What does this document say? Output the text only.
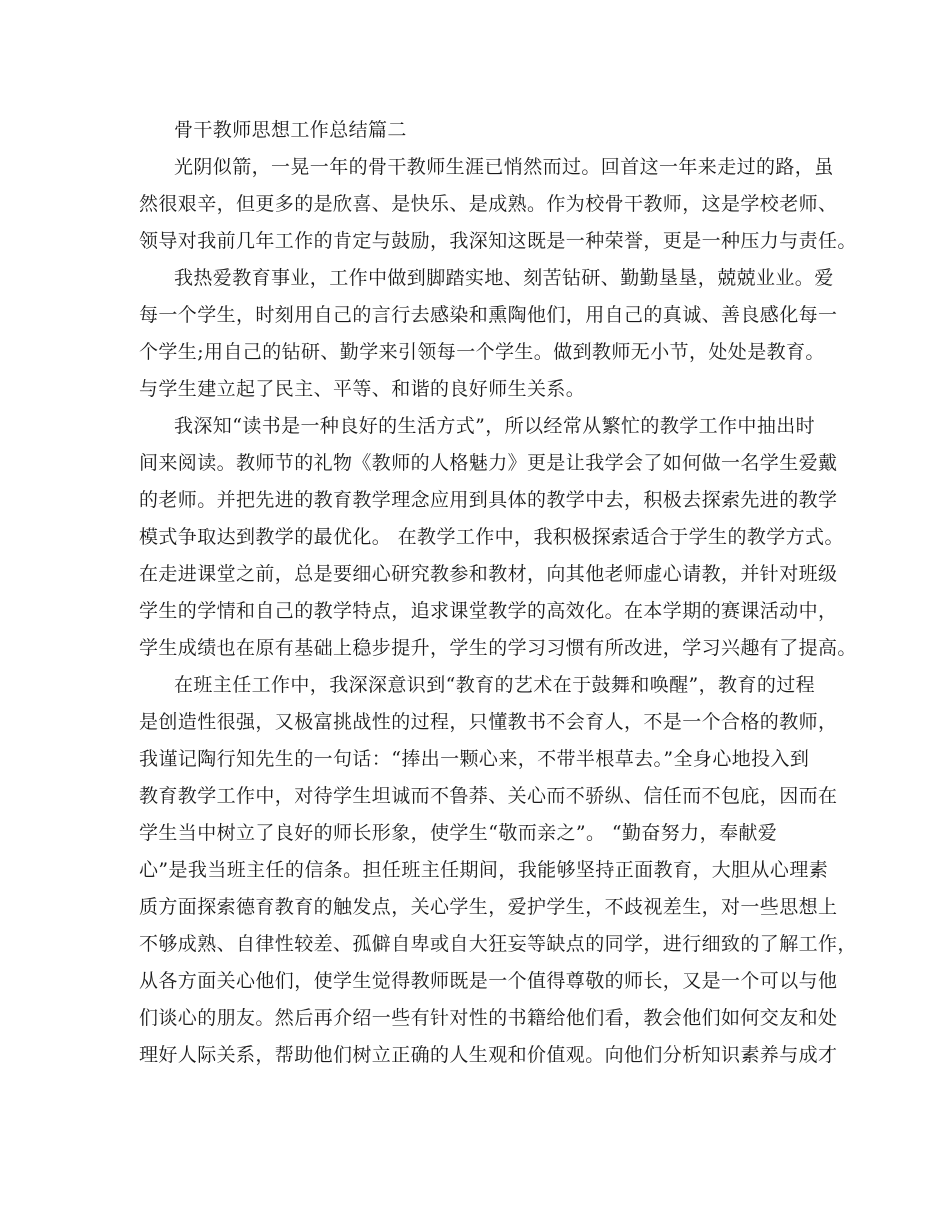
骨干教师思想工作总结篇二
光阴似箭，一晃一年的骨干教师生涯已悄然而过。回首这一年来走过的路，虽
然很艰辛，但更多的是欣喜、是快乐、是成熟。作为校骨干教师，这是学校老师、
领导对我前几年工作的肯定与鼓励，我深知这既是一种荣誉，更是一种压力与责任。
我热爱教育事业，工作中做到脚踏实地、刻苦钻研、勤勤垦垦，兢兢业业。爱
每一个学生，时刻用自己的言行去感染和熏陶他们，用自己的真诚、善良感化每一
个学生;用自己的钻研、勤学来引领每一个学生。做到教师无小节，处处是教育。
与学生建立起了民主、平等、和谐的良好师生关系。
我深知“读书是一种良好的生活方式”，所以经常从繁忙的教学工作中抽出时
间来阅读。教师节的礼物《教师的人格魅力》更是让我学会了如何做一名学生爱戴
的老师。并把先进的教育教学理念应用到具体的教学中去，积极去探索先进的教学
模式争取达到教学的最优化。 在教学工作中，我积极探索适合于学生的教学方式。
在走进课堂之前，总是要细心研究教参和教材，向其他老师虚心请教，并针对班级
学生的学情和自己的教学特点，追求课堂教学的高效化。在本学期的赛课活动中，
学生成绩也在原有基础上稳步提升，学生的学习习惯有所改进，学习兴趣有了提高。
在班主任工作中，我深深意识到“教育的艺术在于鼓舞和唤醒”，教育的过程
是创造性很强，又极富挑战性的过程，只懂教书不会育人，不是一个合格的教师，
我谨记陶行知先生的一句话：“捧出一颗心来，不带半根草去。”全身心地投入到
教育教学工作中，对待学生坦诚而不鲁莽、关心而不骄纵、信任而不包庇，因而在
学生当中树立了良好的师长形象，使学生“敬而亲之”。 “勤奋努力，奉献爱
心”是我当班主任的信条。担任班主任期间，我能够坚持正面教育，大胆从心理素
质方面探索德育教育的触发点，关心学生，爱护学生，不歧视差生，对一些思想上
不够成熟、自律性较差、孤僻自卑或自大狂妄等缺点的同学，进行细致的了解工作，
从各方面关心他们，使学生觉得教师既是一个值得尊敬的师长，又是一个可以与他
们谈心的朋友。然后再介绍一些有针对性的书籍给他们看，教会他们如何交友和处
理好人际关系，帮助他们树立正确的人生观和价值观。向他们分析知识素养与成才
